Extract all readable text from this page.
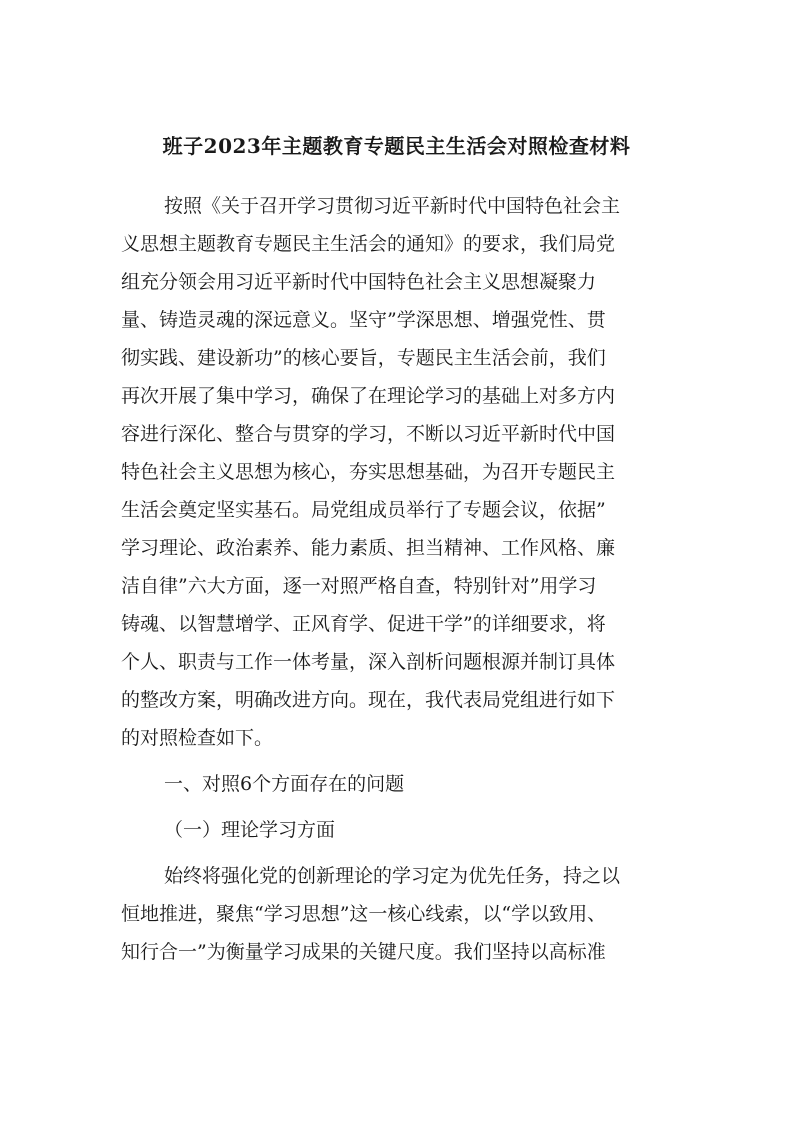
班子2023年主题教育专题民主生活会对照检查材料
按照《关于召开学习贯彻习近平新时代中国特色社会主
义思想主题教育专题民主生活会的通知》的要求，我们局党
组充分领会用习近平新时代中国特色社会主义思想凝聚力
量、铸造灵魂的深远意义。坚守”学深思想、增强党性、贯
彻实践、建设新功”的核心要旨，专题民主生活会前，我们
再次开展了集中学习，确保了在理论学习的基础上对多方内
容进行深化、整合与贯穿的学习，不断以习近平新时代中国
特色社会主义思想为核心，夯实思想基础，为召开专题民主
生活会奠定坚实基石。局党组成员举行了专题会议，依据”
学习理论、政治素养、能力素质、担当精神、工作风格、廉
洁自律”六大方面，逐一对照严格自查，特别针对”用学习
铸魂、以智慧增学、正风育学、促进干学”的详细要求，将
个人、职责与工作一体考量，深入剖析问题根源并制订具体
的整改方案，明确改进方向。现在，我代表局党组进行如下
的对照检查如下。
一、对照6个方面存在的问题
（一）理论学习方面
始终将强化党的创新理论的学习定为优先任务，持之以
恒地推进，聚焦“学习思想”这一核心线索，以“学以致用、
知行合一”为衡量学习成果的关键尺度。我们坚持以高标准
